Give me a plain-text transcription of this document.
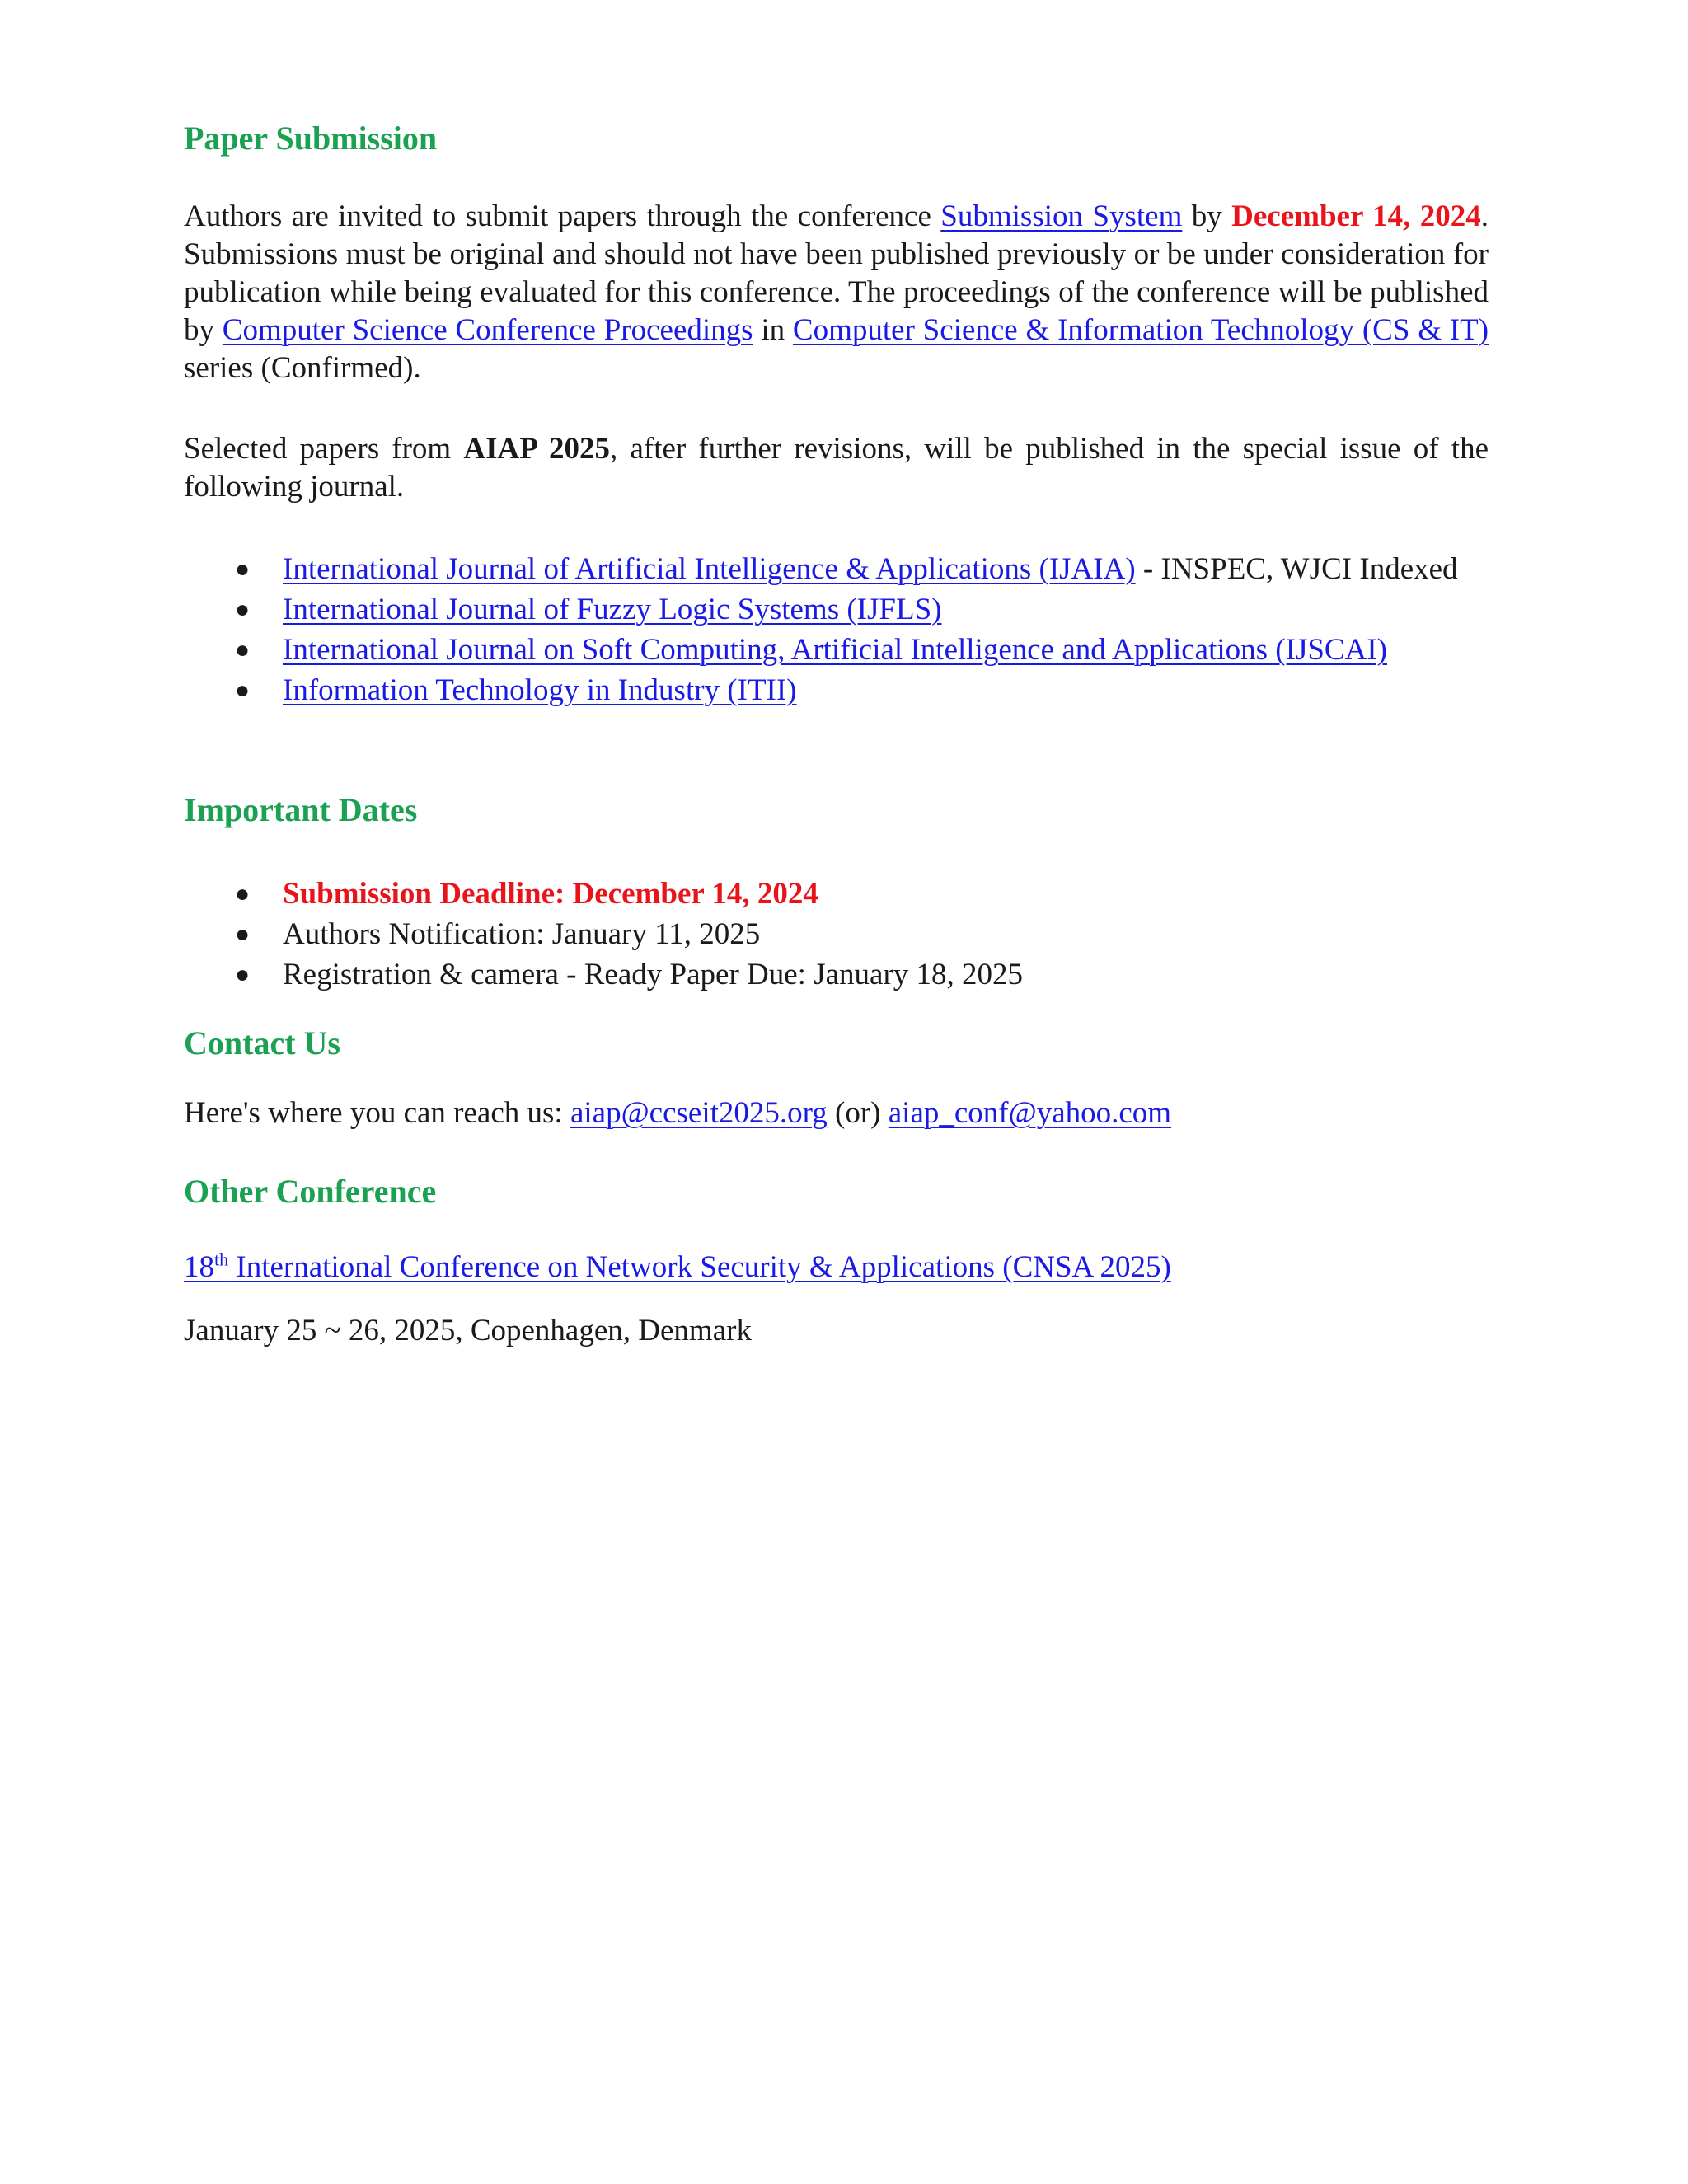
Paper Submission

Authors are invited to submit papers through the conference Submission System by December 14, 2024. Submissions must be original and should not have been published previously or be under consideration for publication while being evaluated for this conference. The proceedings of the conference will be published by Computer Science Conference Proceedings in Computer Science & Information Technology (CS & IT) series (Confirmed).

Selected papers from AIAP 2025, after further revisions, will be published in the special issue of the following journal.

● International Journal of Artificial Intelligence & Applications (IJAIA) - INSPEC, WJCI Indexed
● International Journal of Fuzzy Logic Systems (IJFLS)
● International Journal on Soft Computing, Artificial Intelligence and Applications (IJSCAI)
● Information Technology in Industry (ITII)
Important Dates
● Submission Deadline: December 14, 2024
● Authors Notification: January 11, 2025
● Registration & camera - Ready Paper Due: January 18, 2025
Contact Us

Here's where you can reach us: aiap@ccseit2025.org (or) aiap_conf@yahoo.com

Other Conference

18th International Conference on Network Security & Applications (CNSA 2025)

January 25 ~ 26, 2025, Copenhagen, Denmark
